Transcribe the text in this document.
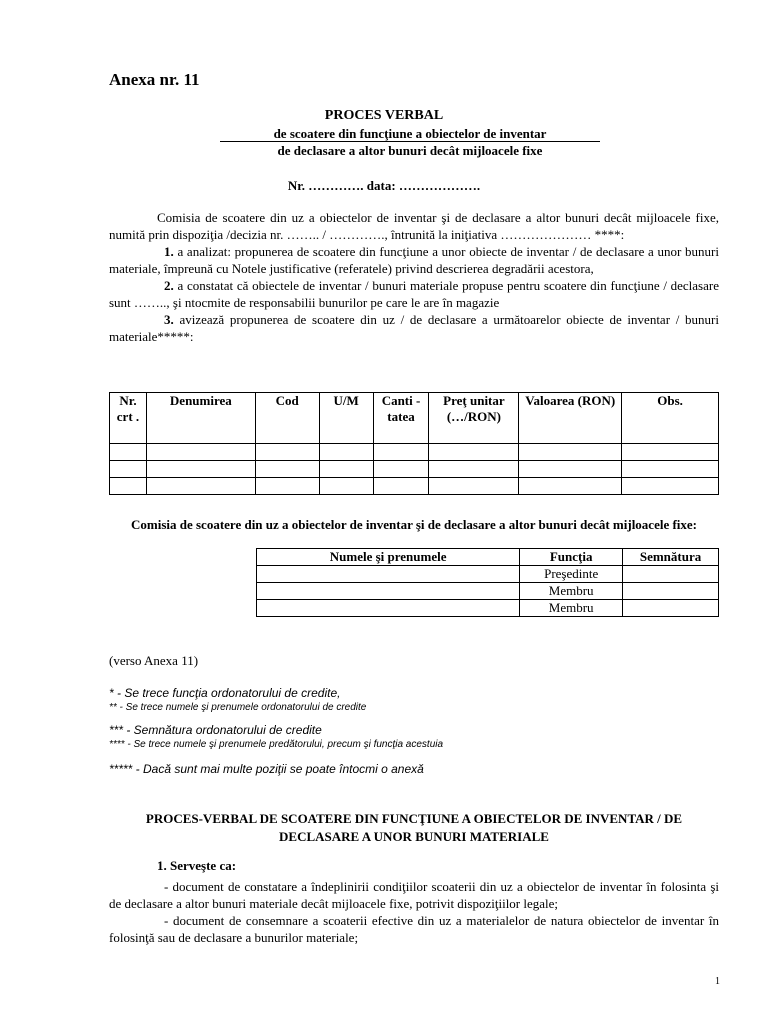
Anexa nr. 11
PROCES VERBAL
de scoatere din funcţiune a obiectelor de inventar
de declasare a altor bunuri decât mijloacele fixe
Nr. …………. data: ……………….

Comisia de scoatere din uz a obiectelor de inventar şi de declasare a altor bunuri decât mijloacele fixe, numită prin dispoziţia /decizia nr. …….. / …………., întrunită la iniţiativa ………………… ****:

1. a analizat: propunerea de scoatere din funcţiune a unor obiecte de inventar / de declasare a unor bunuri materiale, împreună cu Notele justificative (referatele) privind descrierea degradării acestora,

2. a constatat că obiectele de inventar / bunuri materiale propuse pentru scoatere din funcţiune / declasare sunt …….., şi ntocmite de responsabilii bunurilor pe care le are în magazie

3. avizează propunerea de scoatere din uz / de declasare a următoarelor obiecte de inventar / bunuri materiale*****:

Nr. crt .	Denumirea	Cod	U/M	Canti -tatea	Preţ unitar (…/RON)	Valoarea (RON)	Obs.

Comisia de scoatere din uz a obiectelor de inventar şi de declasare a altor bunuri decât mijloacele fixe:
Numele şi prenumele	Funcţia	Semnătura
	Preşedinte	
	Membru	
	Membru	
(verso Anexa 11)
* - Se trece funcţia ordonatorului de credite,
** - Se trece numele şi prenumele ordonatorului de credite
*** - Semnătura ordonatorului de credite
**** - Se trece numele şi prenumele predătorului, precum şi funcţia acestuia
***** - Dacă sunt mai multe poziţii se poate întocmi o anexă
PROCES-VERBAL DE SCOATERE DIN FUNCŢIUNE A OBIECTELOR DE INVENTAR / DE DECLASARE A UNOR BUNURI MATERIALE
1. Serveşte ca:

- document de constatare a îndeplinirii condiţiilor scoaterii din uz a obiectelor de inventar în folosinta şi de declasare a altor bunuri materiale decât mijloacele fixe, potrivit dispoziţiilor legale;

- document de consemnare a scoaterii efective din uz a materialelor de natura obiectelor de inventar în folosinţă sau de declasare a bunurilor materiale;

1
